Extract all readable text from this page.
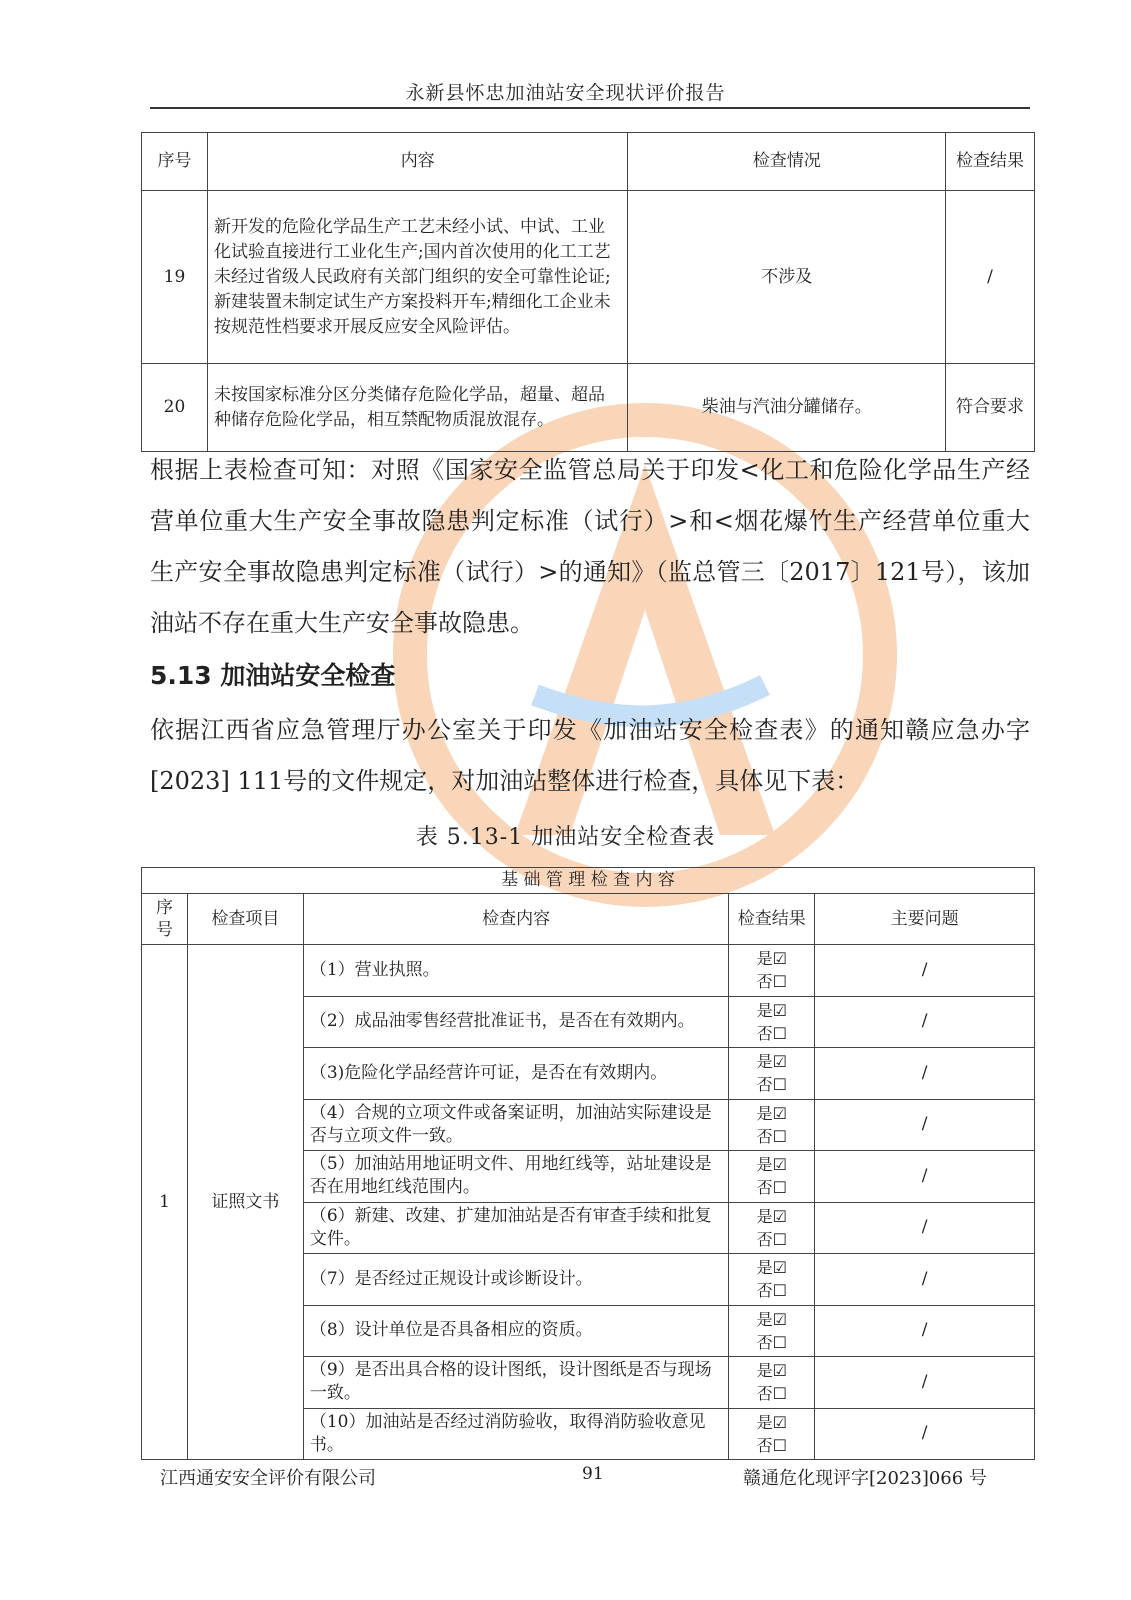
永新县怀忠加油站安全现状评价报告
序号	内容	检查情况	检查结果
19	新开发的危险化学品生产工艺未经小试、中试、工业化试验直接进行工业化生产;国内首次使用的化工工艺未经过省级人民政府有关部门组织的安全可靠性论证;新建装置未制定试生产方案投料开车;精细化工企业未按规范性档要求开展反应安全风险评估。	不涉及	/
20	未按国家标准分区分类储存危险化学品，超量、超品种储存危险化学品，相互禁配物质混放混存。	柴油与汽油分罐储存。	符合要求
根据上表检查可知：对照《国家安全监管总局关于印发<化工和危险化学品生产经营单位重大生产安全事故隐患判定标准（试行）>和<烟花爆竹生产经营单位重大生产安全事故隐患判定标准（试行）>的通知》（监总管三〔2017〕121号），该加油站不存在重大生产安全事故隐患。
5.13 加油站安全检查
依据江西省应急管理厅办公室关于印发《加油站安全检查表》的通知赣应急办字[2023] 111号的文件规定，对加油站整体进行检查，具体见下表：
表 5.13-1 加油站安全检查表
基 础 管 理 检 查 内 容				
序号	检查项目	检查内容	检查结果	主要问题
1	证照文书	（1）营业执照。	是☑
否☐	/
		（2）成品油零售经营批准证书，是否在有效期内。	是☑
否☐	/
		（3)危险化学品经营许可证，是否在有效期内。	是☑
否☐	/
		（4）合规的立项文件或备案证明，加油站实际建设是否与立项文件一致。	是☑
否☐	/
		（5）加油站用地证明文件、用地红线等，站址建设是否在用地红线范围内。	是☑
否☐	/
		（6）新建、改建、扩建加油站是否有审查手续和批复文件。	是☑
否☐	/
		（7）是否经过正规设计或诊断设计。	是☑
否☐	/
		（8）设计单位是否具备相应的资质。	是☑
否☐	/
		（9）是否出具合格的设计图纸，设计图纸是否与现场一致。	是☑
否☐	/
		（10）加油站是否经过消防验收，取得消防验收意见书。	是☑
否☐	/
江西通安安全评价有限公司	91	赣通危化现评字[2023]066 号
